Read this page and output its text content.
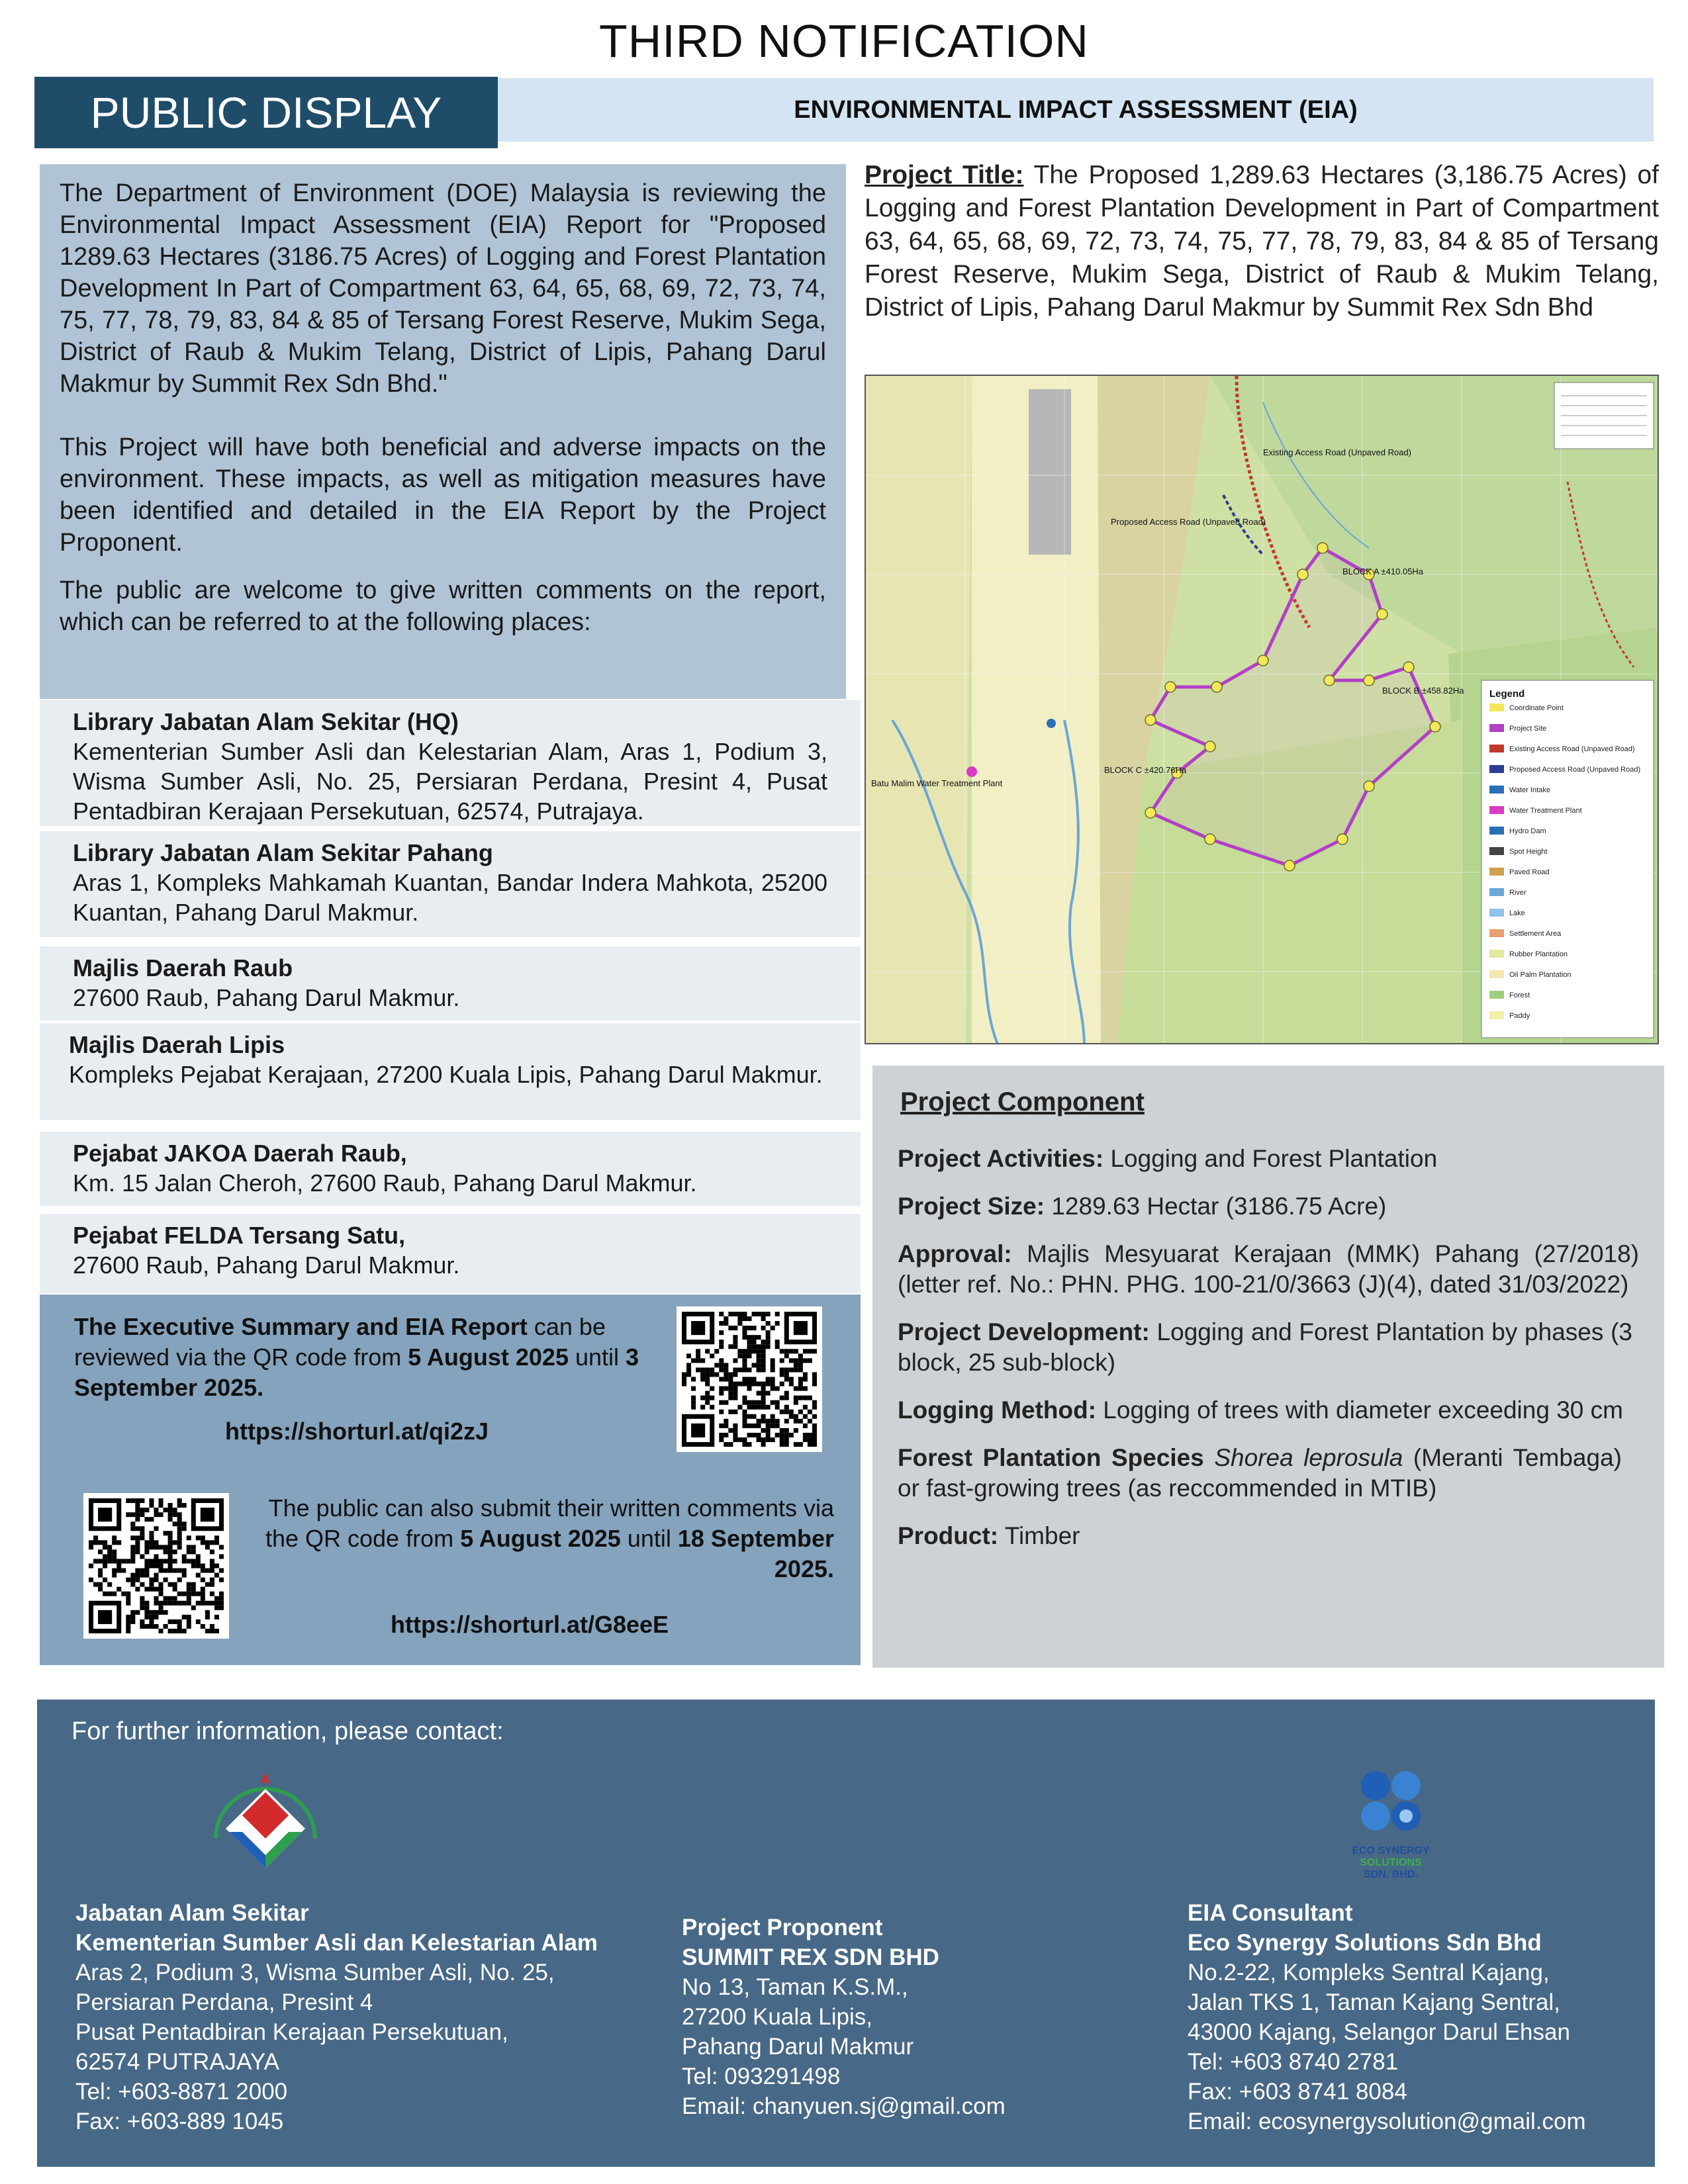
THIRD NOTIFICATION
PUBLIC DISPLAY	ENVIRONMENTAL IMPACT ASSESSMENT (EIA)

The Department of Environment (DOE) Malaysia is reviewing the Environmental Impact Assessment (EIA) Report for "Proposed 1289.63 Hectares (3186.75 Acres) of Logging and Forest Plantation Development In Part of Compartment 63, 64, 65, 68, 69, 72, 73, 74, 75, 77, 78, 79, 83, 84 & 85 of Tersang Forest Reserve, Mukim Sega, District of Raub & Mukim Telang, District of Lipis, Pahang Darul Makmur by Summit Rex Sdn Bhd."

This Project will have both beneficial and adverse impacts on the environment. These impacts, as well as mitigation measures have been identified and detailed in the EIA Report by the Project Proponent.

The public are welcome to give written comments on the report, which can be referred to at the following places:

Library Jabatan Alam Sekitar (HQ)
Kementerian Sumber Asli dan Kelestarian Alam, Aras 1, Podium 3, Wisma Sumber Asli, No. 25, Persiaran Perdana, Presint 4, Pusat Pentadbiran Kerajaan Persekutuan, 62574, Putrajaya.
Library Jabatan Alam Sekitar Pahang
Aras 1, Kompleks Mahkamah Kuantan, Bandar Indera Mahkota, 25200 Kuantan, Pahang Darul Makmur.
Majlis Daerah Raub
27600 Raub, Pahang Darul Makmur.
Majlis Daerah Lipis
Kompleks Pejabat Kerajaan, 27200 Kuala Lipis, Pahang Darul Makmur.
Pejabat JAKOA Daerah Raub,
Km. 15 Jalan Cheroh, 27600 Raub, Pahang Darul Makmur.
Pejabat FELDA Tersang Satu,
27600 Raub, Pahang Darul Makmur.
The Executive Summary and EIA Report can be reviewed via the QR code from 5 August 2025 until 3 September 2025.
https://shorturl.at/qi2zJ
The public can also submit their written comments via the QR code from 5 August 2025 until 18 September 2025.
https://shorturl.at/G8eeE
Project Title: The Proposed 1,289.63 Hectares (3,186.75 Acres) of Logging and Forest Plantation Development in Part of Compartment 63, 64, 65, 68, 69, 72, 73, 74, 75, 77, 78, 79, 83, 84 & 85 of Tersang Forest Reserve, Mukim Sega, District of Raub & Mukim Telang, District of Lipis, Pahang Darul Makmur by Summit Rex Sdn Bhd
Existing Access Road (Unpaved Road)
Proposed Access Road (Unpaved Road)
BLOCK A ±410.05Ha
BLOCK B ±458.82Ha
BLOCK C ±420.76Ha
Batu Malim Water Treatment Plant
Legend
Coordinate Point
Project Site
Existing Access Road (Unpaved Road)
Proposed Access Road (Unpaved Road)
Water Intake
Water Treatment Plant
Hydro Dam
Spot Height
Paved Road
River
Lake
Settlement Area
Rubber Plantation
Oil Palm Plantation
Forest
Paddy
Project Component
Project Activities: Logging and Forest Plantation
Project Size: 1289.63 Hectar (3186.75 Acre)
Approval: Majlis Mesyuarat Kerajaan (MMK) Pahang (27/2018)(letter ref. No.: PHN. PHG. 100-21/0/3663 (J)(4), dated 31/03/2022)
Project Development: Logging and Forest Plantation by phases (3 block, 25 sub-block)
Logging Method: Logging of trees with diameter exceeding 30 cm
Forest Plantation Species Shorea leprosula (Meranti Tembaga) or fast-growing trees (as reccommended in MTIB)
Product: Timber
For further information, please contact:
ECO SYNERGY
SOLUTIONS
SDN. BHD.
Jabatan Alam Sekitar
Kementerian Sumber Asli dan Kelestarian Alam
Aras 2, Podium 3, Wisma Sumber Asli, No. 25,
Persiaran Perdana, Presint 4
Pusat Pentadbiran Kerajaan Persekutuan,
62574 PUTRAJAYA
Tel: +603-8871 2000
Fax: +603-889 1045
Project Proponent
SUMMIT REX SDN BHD
No 13, Taman K.S.M.,
27200 Kuala Lipis,
Pahang Darul Makmur
Tel: 093291498
Email: chanyuen.sj@gmail.com
EIA Consultant
Eco Synergy Solutions Sdn Bhd
No.2-22, Kompleks Sentral Kajang,
Jalan TKS 1, Taman Kajang Sentral,
43000 Kajang, Selangor Darul Ehsan
Tel: +603 8740 2781
Fax: +603 8741 8084
Email: ecosynergysolution@gmail.com
